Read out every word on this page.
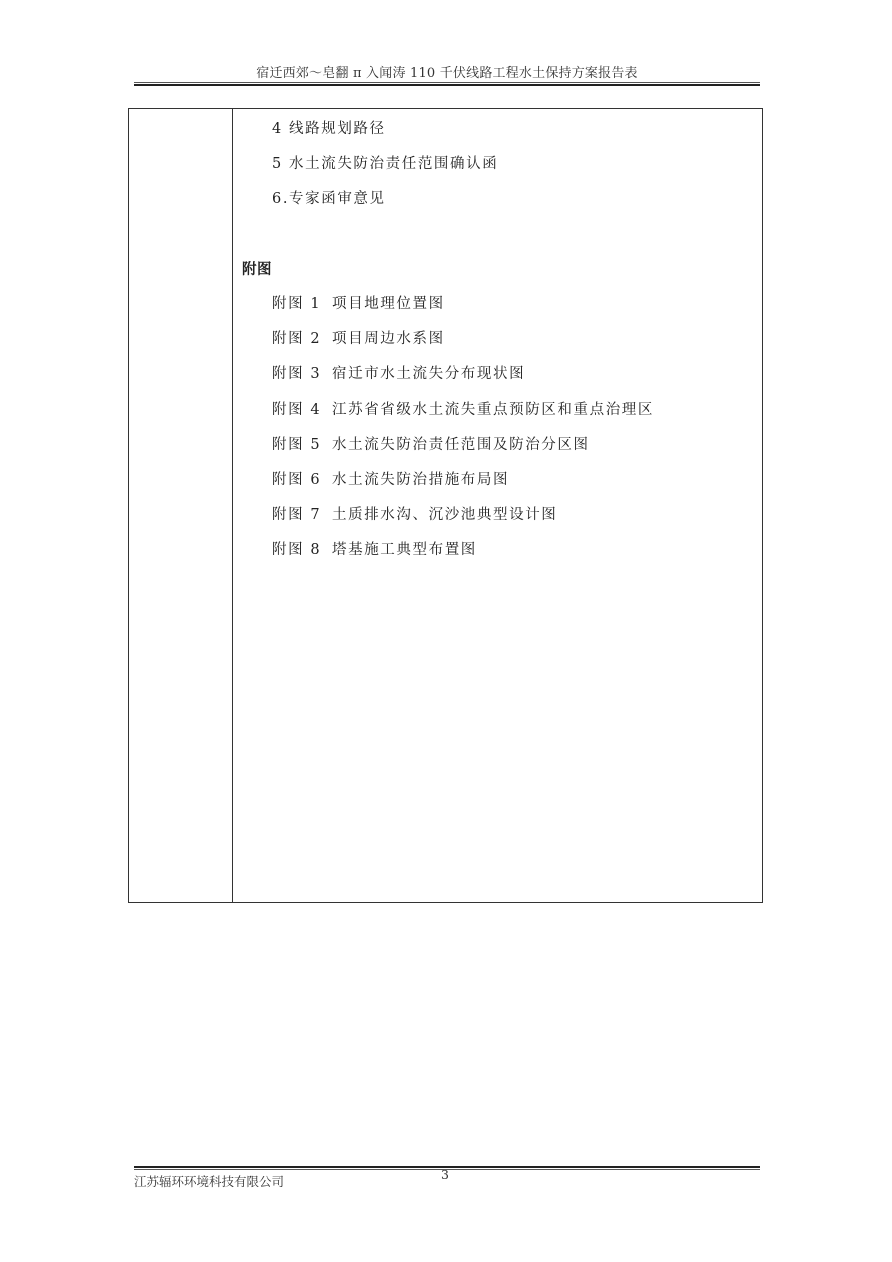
宿迁西郊～皂翻 π 入闻涛 110 千伏线路工程水土保持方案报告表
4 线路规划路径
5 水土流失防治责任范围确认函
6.专家函审意见
附图
附图 1 项目地理位置图
附图 2 项目周边水系图
附图 3 宿迁市水土流失分布现状图
附图 4 江苏省省级水土流失重点预防区和重点治理区
附图 5 水土流失防治责任范围及防治分区图
附图 6 水土流失防治措施布局图
附图 7 土质排水沟、沉沙池典型设计图
附图 8 塔基施工典型布置图
江苏辐环环境科技有限公司	3
